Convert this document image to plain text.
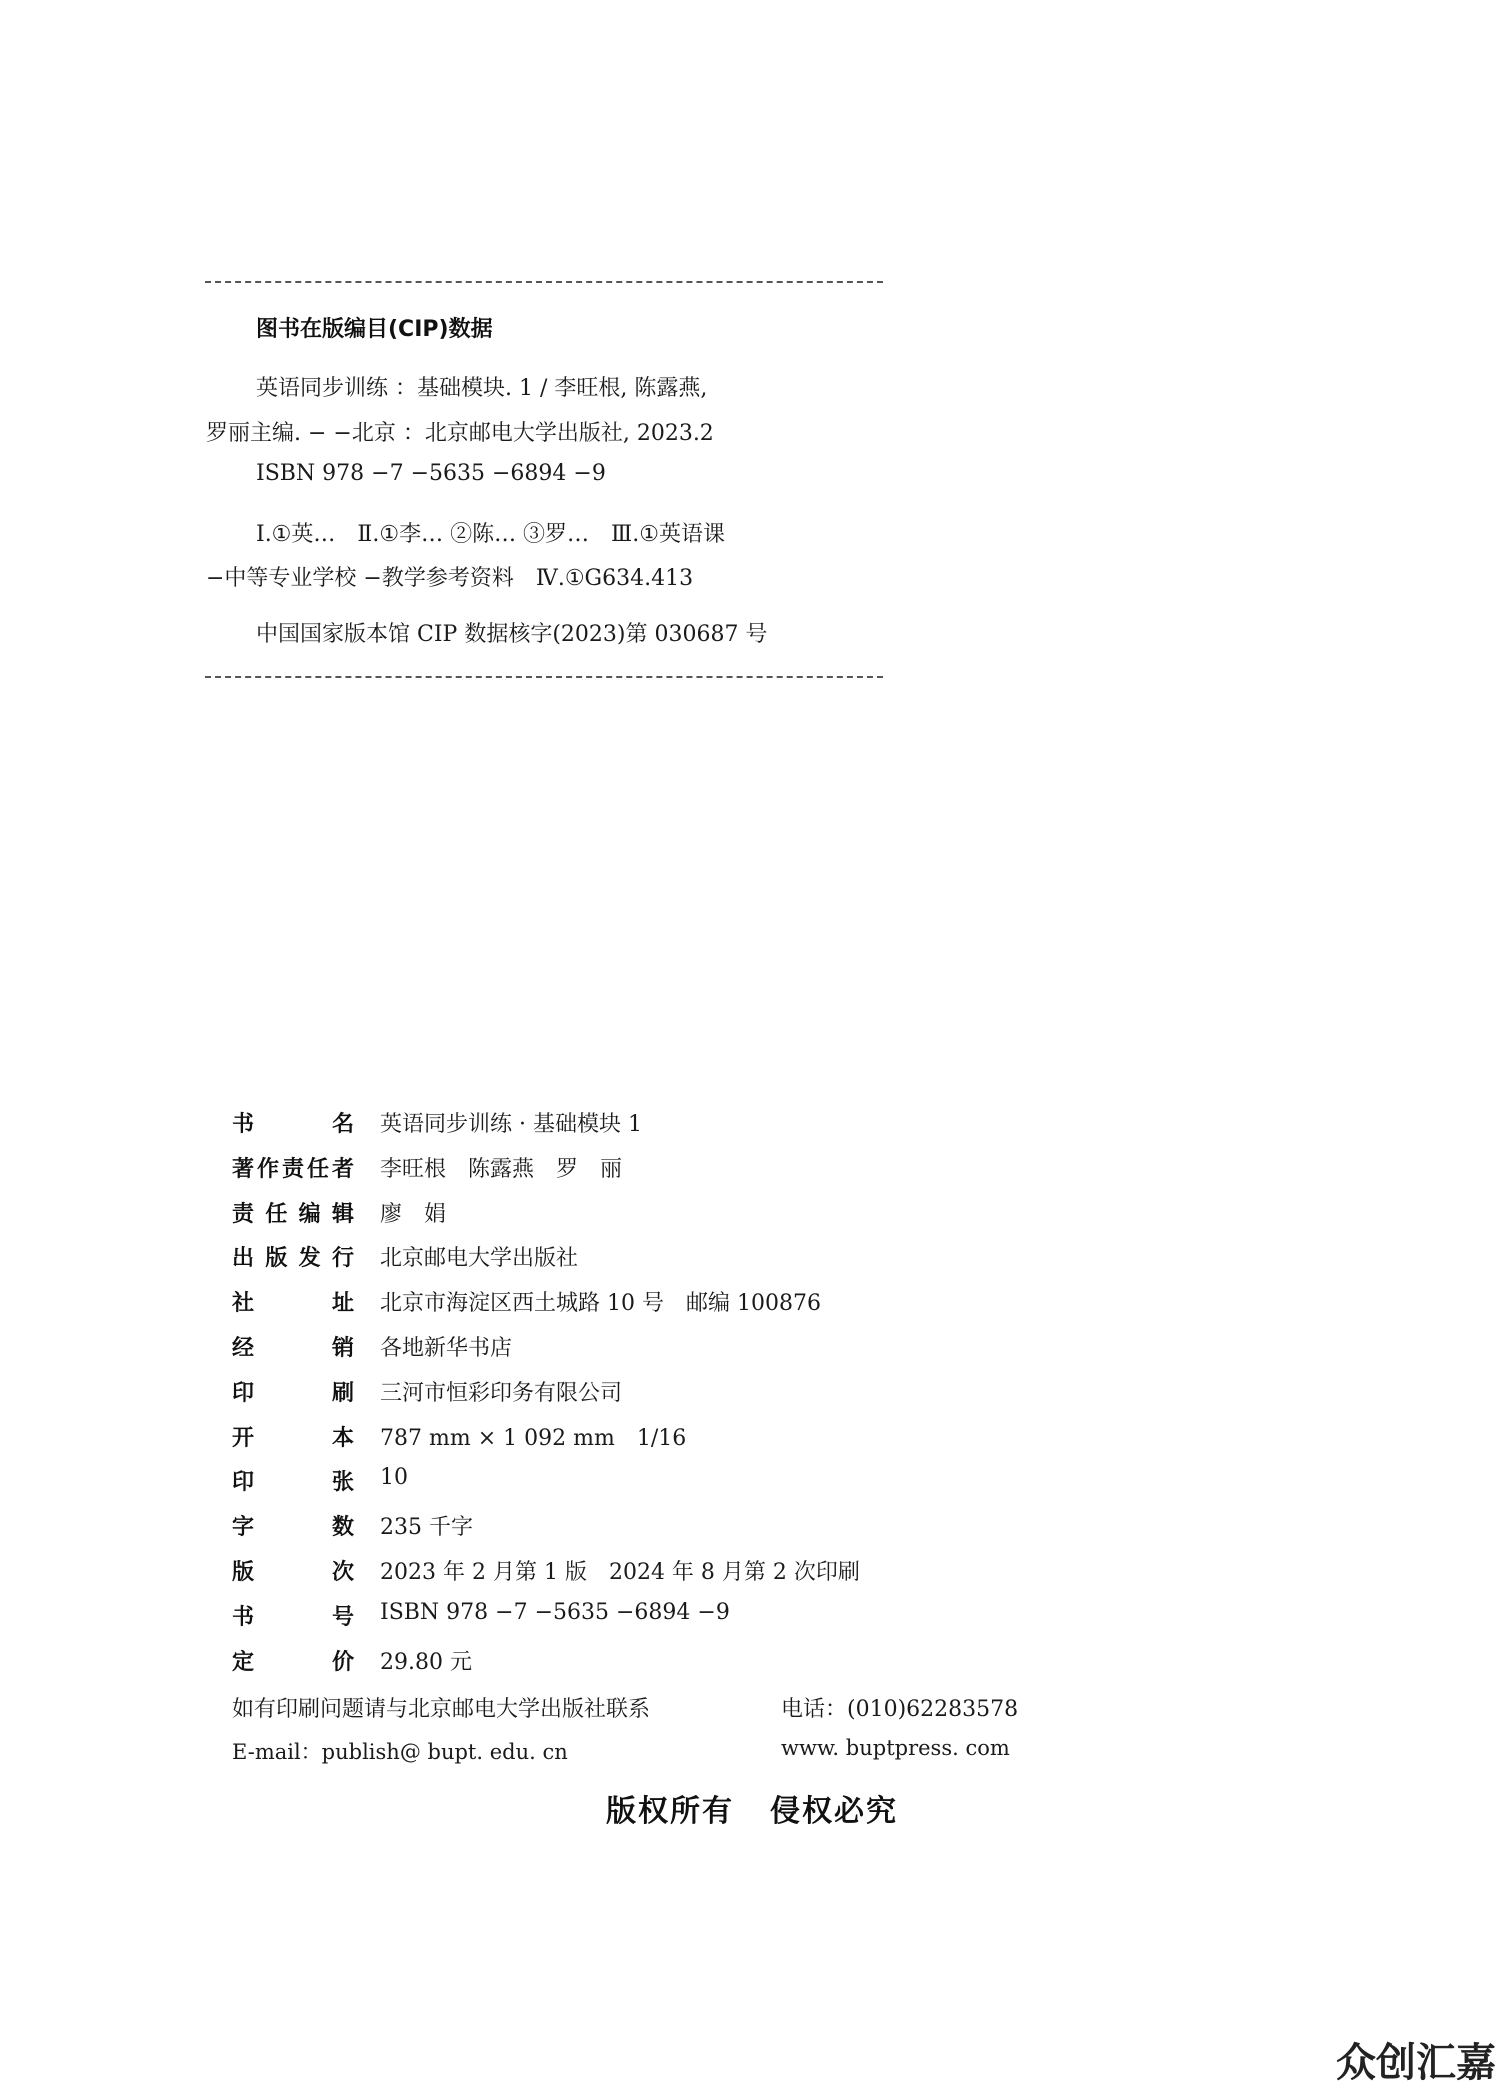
图书在版编目(CIP)数据
英语同步训练 ：基础模块. 1 / 李旺根, 陈露燕,
罗丽主编. − −北京 ：北京邮电大学出版社, 2023.2
ISBN 978 −7 −5635 −6894 −9
Ⅰ.①英…　Ⅱ.①李… ②陈… ③罗…　Ⅲ.①英语课
−中等专业学校 −教学参考资料　Ⅳ.①G634.413
中国国家版本馆 CIP 数据核字(2023)第 030687 号
书	名 英语同步训练 · 基础模块 1
著 作 责 任 者 李旺根　陈露燕　罗　丽
责 任 编 辑 廖　娟
出 版 发 行 北京邮电大学出版社
社	址 北京市海淀区西土城路 10 号　邮编 100876
经	销 各地新华书店
印	刷 三河市恒彩印务有限公司
开	本 787 mm × 1 092 mm　1/16
印	张 10
字	数 235 千字
版	次 2023 年 2 月第 1 版　2024 年 8 月第 2 次印刷
书	号 ISBN 978 −7 −5635 −6894 −9
定	价 29.80 元
如有印刷问题请与北京邮电大学出版社联系	电话：(010)62283578
E-mail：publish@ bupt. edu. cn	www. buptpress. com
版权所有 侵权必究
众创汇嘉
